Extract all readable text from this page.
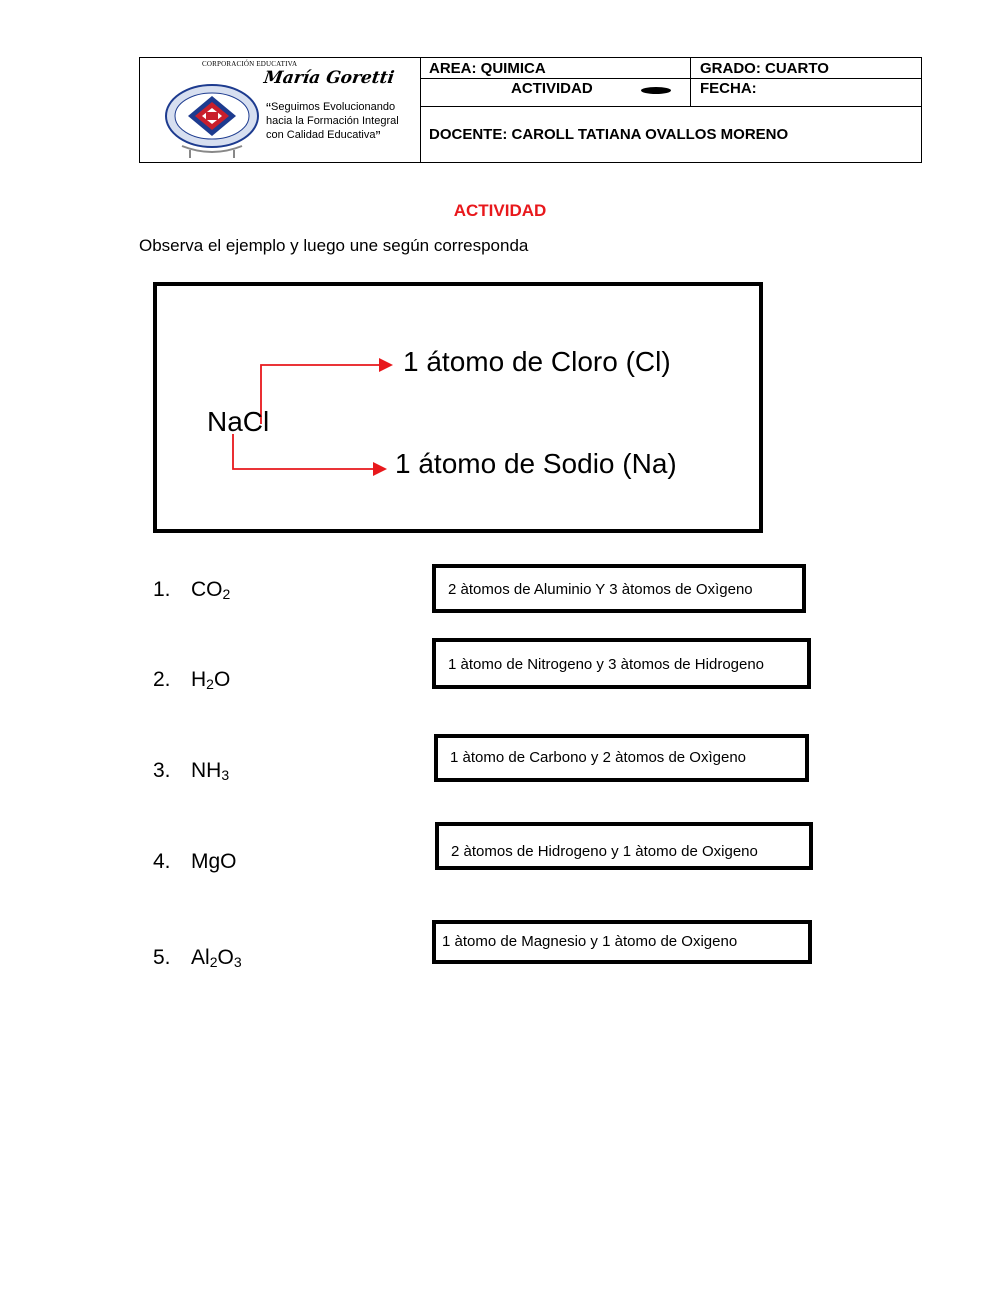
CORPORACIÓN EDUCATIVA
María Goretti
“Seguimos Evolucionando hacia la Formación Integral con Calidad Educativa”
AREA: QUIMICA	GRADO: CUARTO
ACTIVIDAD	FECHA:
DOCENTE: CAROLL TATIANA OVALLOS MORENO
ACTIVIDAD
Observa el ejemplo y luego une según corresponda
NaCl
1 átomo de Cloro (Cl)
1 átomo de Sodio (Na)
1. $CO_2$
2. $H_2O$
3. $NH_3$
4. MgO
5. $Al_2O_3$
2 àtomos de Aluminio Y 3 àtomos de Oxìgeno
1 àtomo de Nitrogeno y 3 àtomos de Hidrogeno
1 àtomo de Carbono y 2 àtomos de Oxìgeno
2 àtomos de Hidrogeno y 1 àtomo de Oxigeno
1 àtomo de Magnesio y 1 àtomo de Oxigeno
